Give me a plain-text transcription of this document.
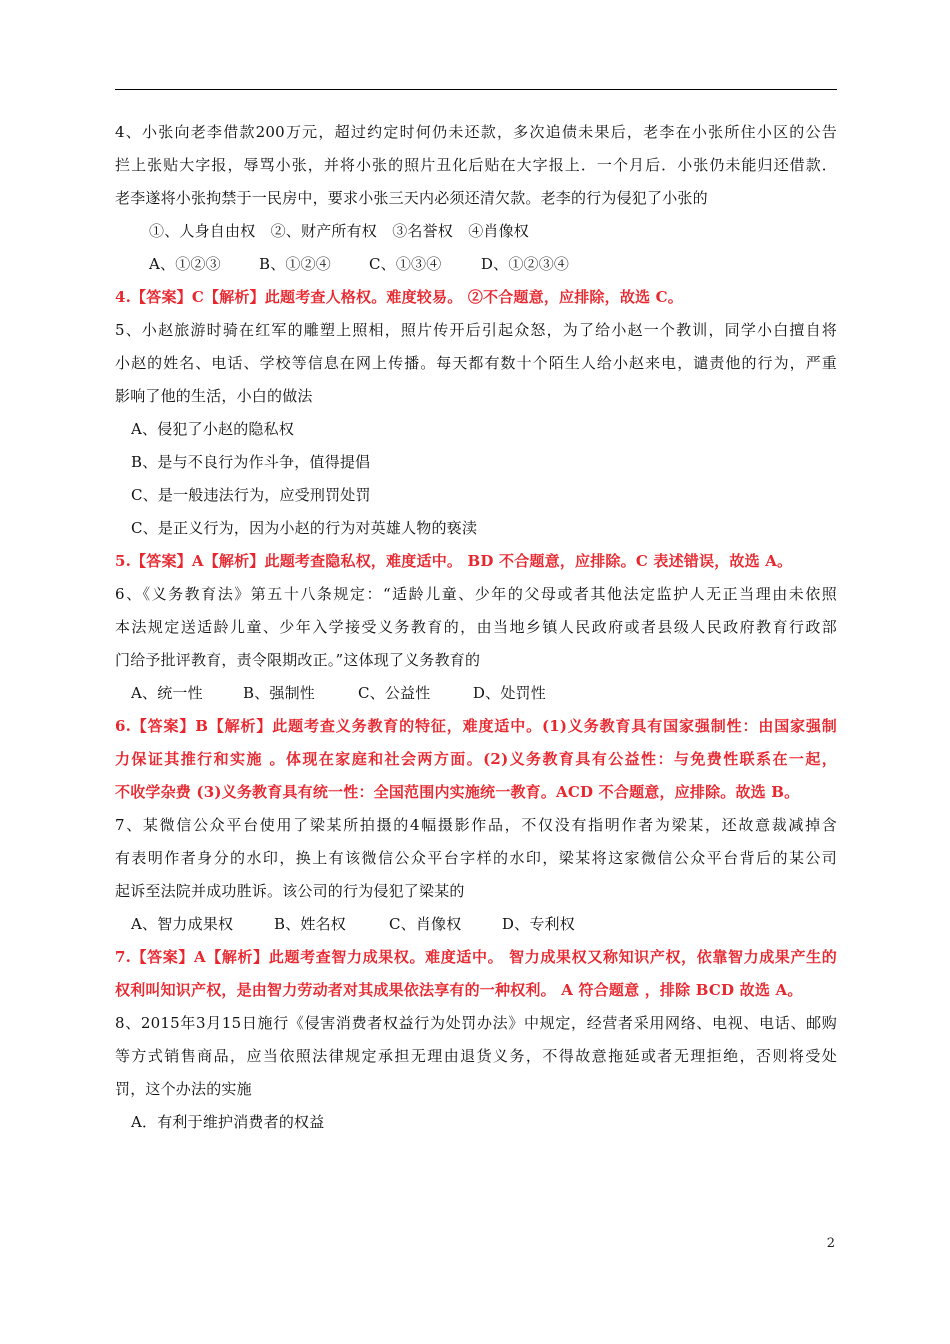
4、小张向老李借款200万元，超过约定时何仍未还款，多次追债未果后，老李在小张所住小区的公告
拦上张贴大字报，辱骂小张，并将小张的照片丑化后贴在大字报上．一个月后．小张仍未能归还借款．
老李遂将小张拘禁于一民房中，要求小张三天内必须还清欠款。老李的行为侵犯了小张的
①、人身自由权　②、财产所有权　③名誉权　④肖像权
A、①②③	B、①②④	C、①③④	D、①②③④
4.【答案】C【解析】此题考查人格权。难度较易。 ②不合题意，应排除，故选 C。
5、小赵旅游时骑在红军的雕塑上照相，照片传开后引起众怒，为了给小赵一个教训，同学小白擅自将
小赵的姓名、电话、学校等信息在网上传播。每天都有数十个陌生人给小赵来电，谴责他的行为，严重
影响了他的生活，小白的做法
A、侵犯了小赵的隐私权
B、是与不良行为作斗争，值得提倡
C、是一般违法行为，应受刑罚处罚
C、是正义行为，因为小赵的行为对英雄人物的亵渎
5.【答案】A【解析】此题考查隐私权，难度适中。 BD 不合题意，应排除。C 表述错误，故选 A。
6、《义务教育法》第五十八条规定：“适龄儿童、少年的父母或者其他法定监护人无正当理由未依照
本法规定送适龄儿童、少年入学接受义务教育的，由当地乡镇人民政府或者县级人民政府教育行政部
门给予批评教育，责令限期改正。”这体现了义务教育的
A、统一性	B、强制性	C、公益性	D、处罚性
6.【答案】B【解析】此题考查义务教育的特征，难度适中。(1)义务教育具有国家强制性：由国家强制
力保证其推行和实施 。体现在家庭和社会两方面。(2)义务教育具有公益性：与免费性联系在一起，
不收学杂费 (3)义务教育具有统一性：全国范围内实施统一教育。ACD 不合题意，应排除。故选 B。
7、某微信公众平台使用了梁某所拍摄的4幅摄影作品，不仅没有指明作者为梁某，还故意裁减掉含
有表明作者身分的水印，换上有该微信公众平台字样的水印，梁某将这家微信公众平台背后的某公司
起诉至法院并成功胜诉。该公司的行为侵犯了梁某的
A、智力成果权	B、姓名权	C、肖像权	D、专利权
7.【答案】A【解析】此题考查智力成果权。难度适中。 智力成果权又称知识产权，依靠智力成果产生的
权利叫知识产权，是由智力劳动者对其成果依法享有的一种权利。 A 符合题意 ，排除 BCD 故选 A。
8、2015年3月15日施行《侵害消费者权益行为处罚办法》中规定，经营者采用网络、电视、电话、邮购
等方式销售商品，应当依照法律规定承担无理由退货义务，不得故意拖延或者无理拒绝，否则将受处
罚，这个办法的实施
A．有利于维护消费者的权益
2
